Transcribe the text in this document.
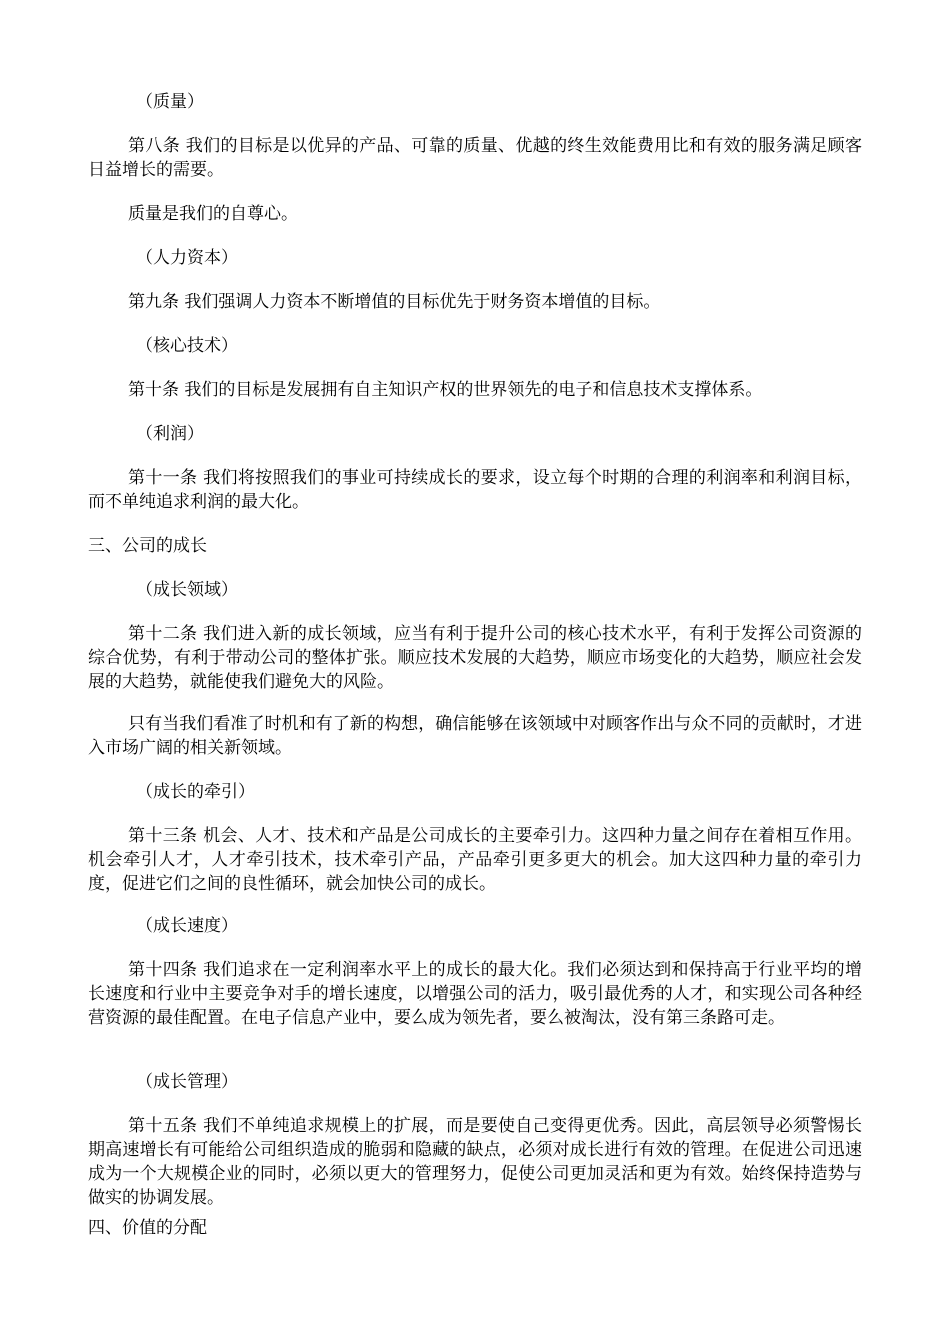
（质量）

第八条 我们的目标是以优异的产品、可靠的质量、优越的终生效能费用比和有效的服务满足顾客日益增长的需要。

质量是我们的自尊心。

（人力资本）

第九条 我们强调人力资本不断增值的目标优先于财务资本增值的目标。

（核心技术）

第十条 我们的目标是发展拥有自主知识产权的世界领先的电子和信息技术支撑体系。

（利润）

第十一条 我们将按照我们的事业可持续成长的要求，设立每个时期的合理的利润率和利润目标，而不单纯追求利润的最大化。

三、公司的成长
（成长领域）

第十二条 我们进入新的成长领域，应当有利于提升公司的核心技术水平，有利于发挥公司资源的综合优势，有利于带动公司的整体扩张。顺应技术发展的大趋势，顺应市场变化的大趋势，顺应社会发展的大趋势，就能使我们避免大的风险。

只有当我们看准了时机和有了新的构想，确信能够在该领域中对顾客作出与众不同的贡献时，才进入市场广阔的相关新领域。

（成长的牵引）

第十三条 机会、人才、技术和产品是公司成长的主要牵引力。这四种力量之间存在着相互作用。机会牵引人才，人才牵引技术，技术牵引产品，产品牵引更多更大的机会。加大这四种力量的牵引力度，促进它们之间的良性循环，就会加快公司的成长。

（成长速度）

第十四条 我们追求在一定利润率水平上的成长的最大化。我们必须达到和保持高于行业平均的增长速度和行业中主要竞争对手的增长速度，以增强公司的活力，吸引最优秀的人才，和实现公司各种经营资源的最佳配置。在电子信息产业中，要么成为领先者，要么被淘汰，没有第三条路可走。

（成长管理）

第十五条 我们不单纯追求规模上的扩展，而是要使自己变得更优秀。因此，高层领导必须警惕长期高速增长有可能给公司组织造成的脆弱和隐藏的缺点，必须对成长进行有效的管理。在促进公司迅速成为一个大规模企业的同时，必须以更大的管理努力，促使公司更加灵活和更为有效。始终保持造势与做实的协调发展。

四、价值的分配
